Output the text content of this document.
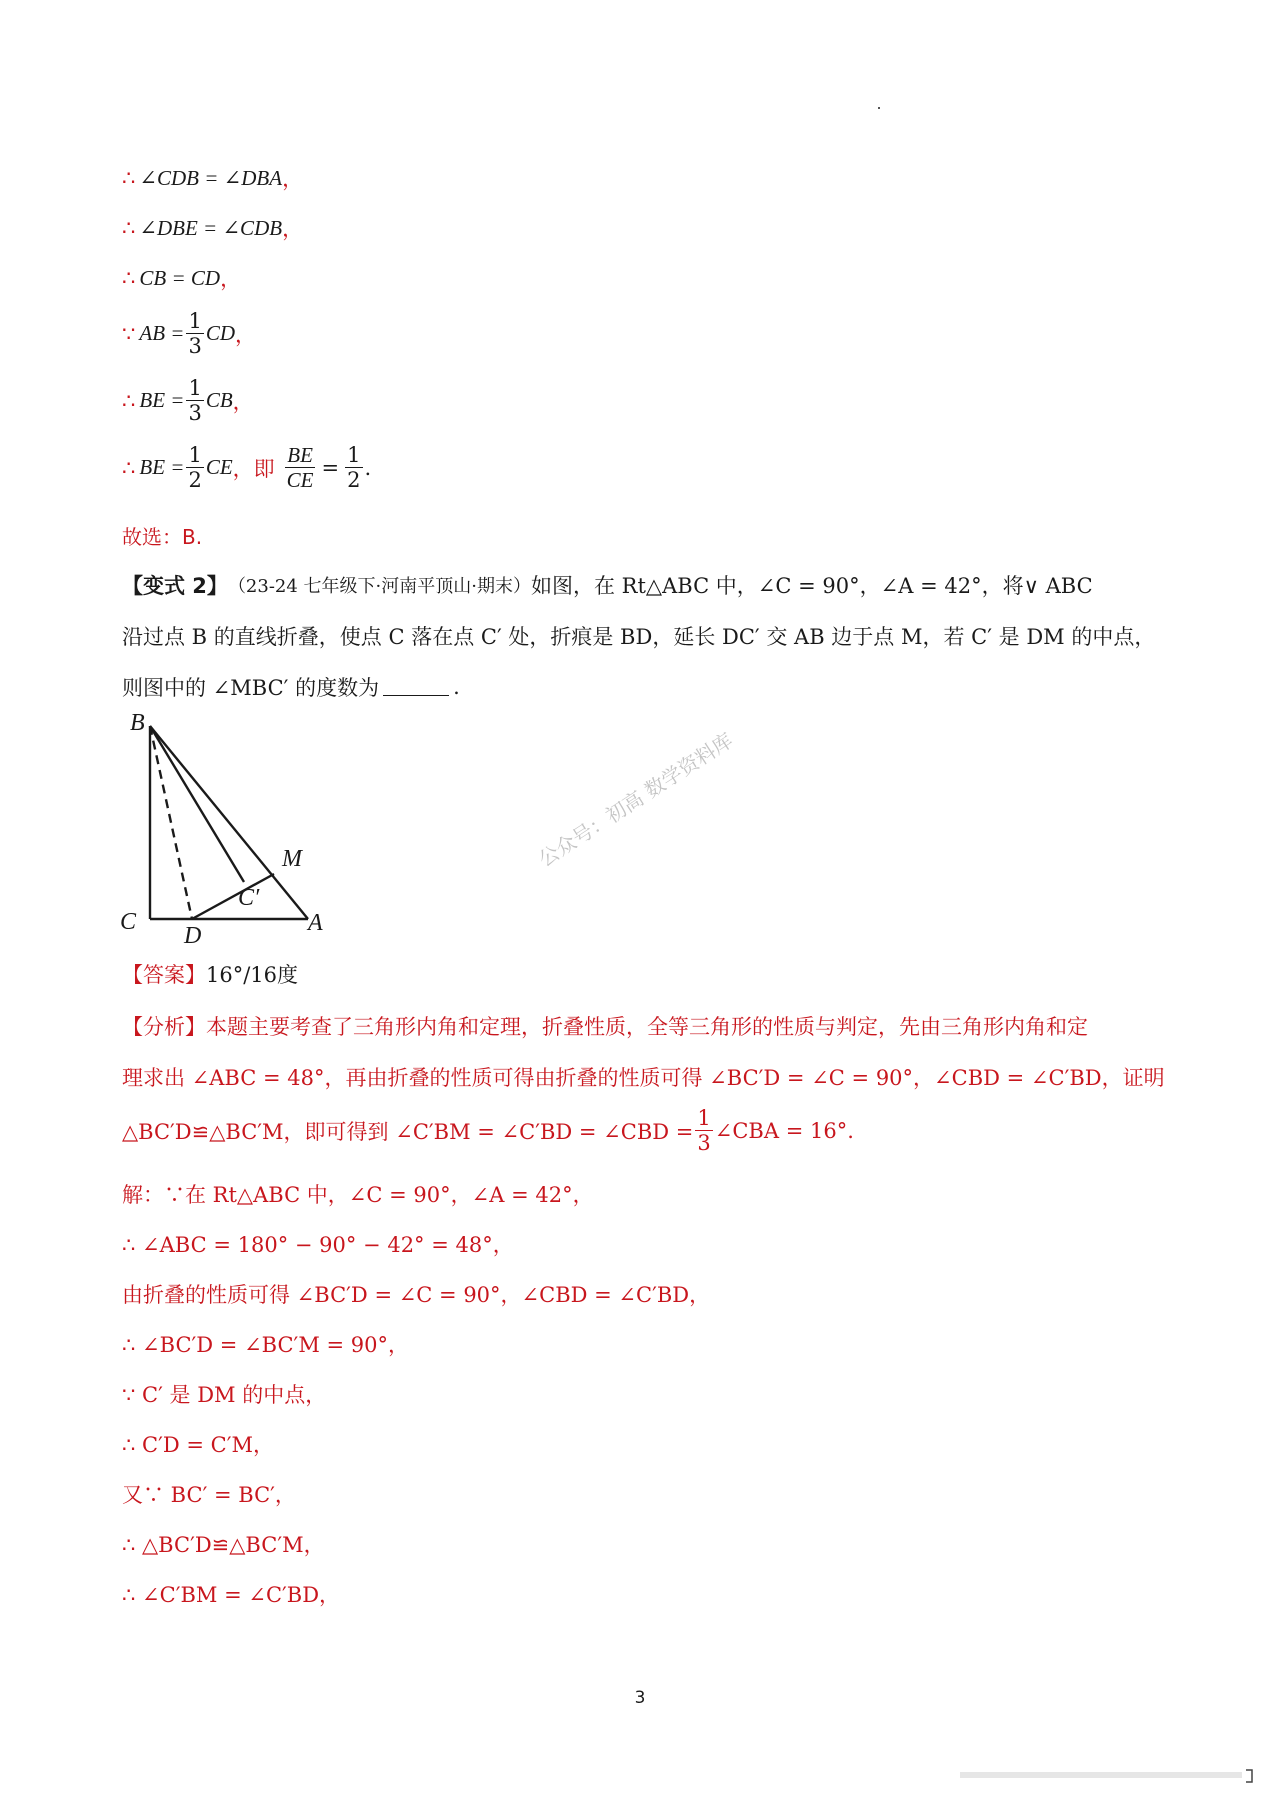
∴ ∠CDB = ∠DBA ，
∴ ∠DBE = ∠CDB ，
∴ CB = CD ，
∵ AB = $\frac{1}{3}$ CD ，
∴ BE = $\frac{1}{3}$ CB ，
∴ BE = $\frac{1}{2}$ CE ，即 $\frac{BE}{CE} = \frac{1}{2}$ .
故选：B.
【变式 2】 （23-24 七年级下·河南平顶山·期末） 如图，在 Rt△ABC 中，∠C = 90°，∠A = 42°，将∨ ABC
沿过点 B 的直线折叠，使点 C 落在点 C′ 处，折痕是 BD，延长 DC′ 交 AB 边于点 M，若 C′ 是 DM 的中点，
则图中的 ∠MBC′ 的度数为	.
B
M
C′
C
D	A
公众号：初高 数学资料库
【答案】 16°/16度
【分析】 本题主要考查了三角形内角和定理，折叠性质，全等三角形的性质与判定，先由三角形内角和定
理求出 ∠ABC = 48°，再由折叠的性质可得由折叠的性质可得 ∠BC′D = ∠C = 90°，∠CBD = ∠C′BD，证明
△BC′D≌△BC′M，即可得到 ∠C′BM = ∠C′BD = ∠CBD = $\frac{1}{3}$ ∠CBA = 16°.
解：∵在 Rt△ABC 中，∠C = 90°，∠A = 42°，
∴ ∠ABC = 180° − 90° − 42° = 48°，
由折叠的性质可得 ∠BC′D = ∠C = 90°，∠CBD = ∠C′BD，
∴ ∠BC′D = ∠BC′M = 90°，
∵ C′ 是 DM 的中点，
∴ C′D = C′M，
又∵ BC′ = BC′，
∴ △BC′D≌△BC′M，
∴ ∠C′BM = ∠C′BD，
3
